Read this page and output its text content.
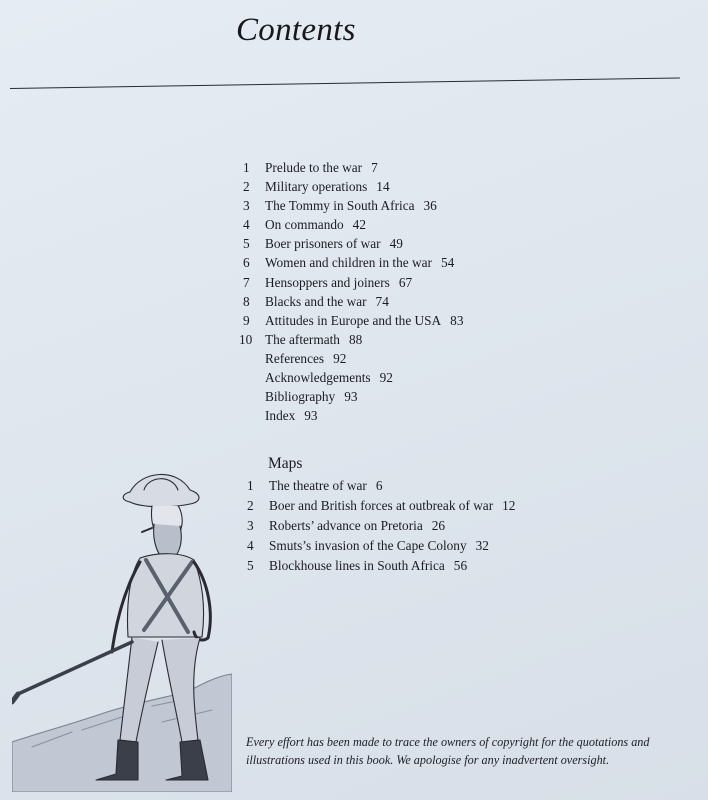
Contents
1	Prelude to the war 7
2	Military operations 14
3	The Tommy in South Africa 36
4	On commando 42
5	Boer prisoners of war 49
6	Women and children in the war 54
7	Hensoppers and joiners 67
8	Blacks and the war 74
9	Attitudes in Europe and the USA 83
10 The aftermath 88
References 92
Acknowledgements 92
Bibliography 93
Index 93
Maps
1	The theatre of war 6
2	Boer and British forces at outbreak of war 12
3	Roberts’ advance on Pretoria 26
4	Smuts’s invasion of the Cape Colony 32
5	Blockhouse lines in South Africa 56

Every effort has been made to trace the owners of copyright for the quotations and illustrations used in this book. We apologise for any inadvertent oversight.
